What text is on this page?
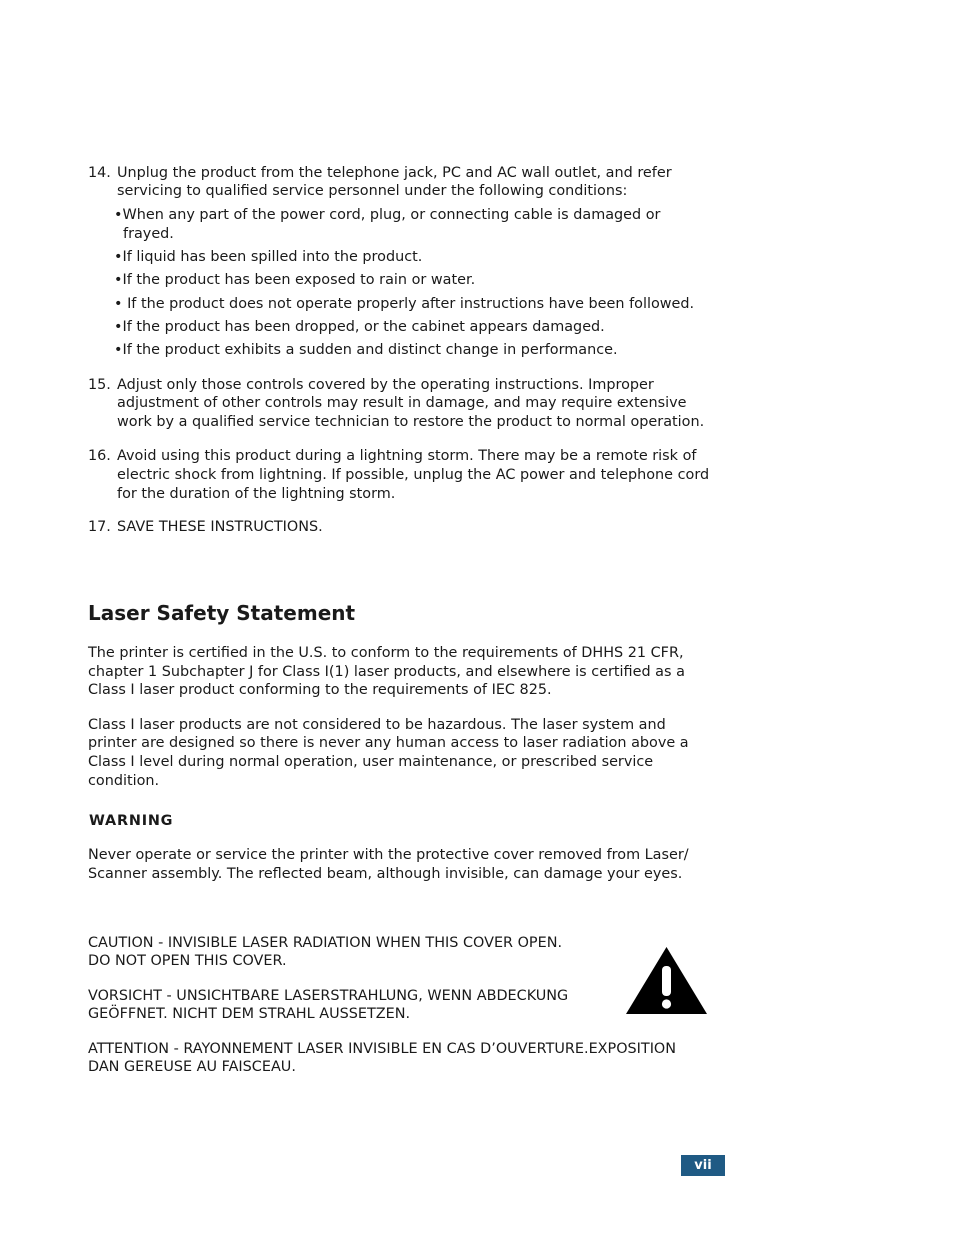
14. Unplug the product from the telephone jack, PC and AC wall outlet, and refer

servicing to qualified service personnel under the following conditions:

•When any part of the power cord, plug, or connecting cable is damaged or

frayed.

•If liquid has been spilled into the product.

•If the product has been exposed to rain or water.

• If the product does not operate properly after instructions have been followed.

•If the product has been dropped, or the cabinet appears damaged.

•If the product exhibits a sudden and distinct change in performance.

15. Adjust only those controls covered by the operating instructions. Improper

adjustment of other controls may result in damage, and may require extensive

work by a qualified service technician to restore the product to normal operation.

16. Avoid using this product during a lightning storm. There may be a remote risk of

electric shock from lightning. If possible, unplug the AC power and telephone cord

for the duration of the lightning storm.

17. SAVE THESE INSTRUCTIONS.

Laser Safety Statement

The printer is certified in the U.S. to conform to the requirements of DHHS 21 CFR,

chapter 1 Subchapter J for Class I(1) laser products, and elsewhere is certified as a

Class I laser product conforming to the requirements of IEC 825.

Class I laser products are not considered to be hazardous. The laser system and

printer are designed so there is never any human access to laser radiation above a

Class I level during normal operation, user maintenance, or prescribed service

condition.

WARNING

Never operate or service the printer with the protective cover removed from Laser/

Scanner assembly. The reflected beam, although invisible, can damage your eyes.

CAUTION - INVISIBLE LASER RADIATION WHEN THIS COVER OPEN.

DO NOT OPEN THIS COVER.

VORSICHT - UNSICHTBARE LASERSTRAHLUNG, WENN ABDECKUNG

GEÖFFNET. NICHT DEM STRAHL AUSSETZEN.

ATTENTION - RAYONNEMENT LASER INVISIBLE EN CAS D’OUVERTURE.EXPOSITION

DAN GEREUSE AU FAISCEAU.

vii
